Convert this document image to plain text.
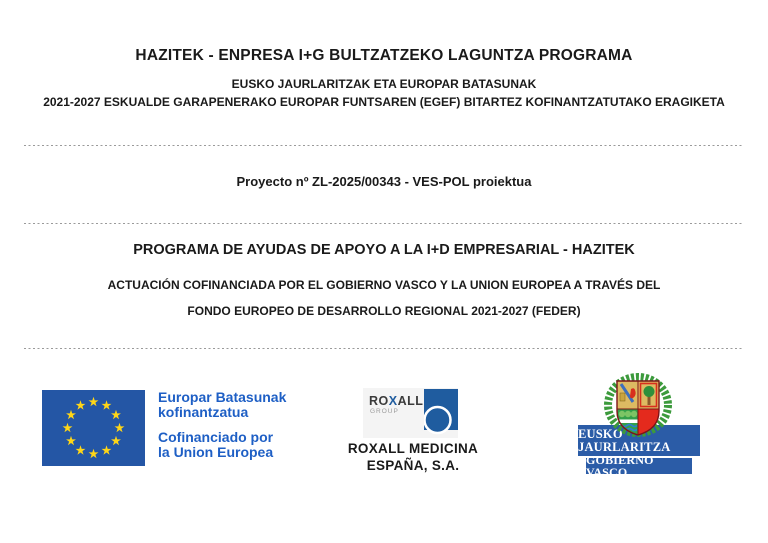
HAZITEK - ENPRESA I+G BULTZATZEKO LAGUNTZA PROGRAMA
EUSKO JAURLARITZAK ETA EUROPAR BATASUNAK
2021-2027 ESKUALDE GARAPENERAKO EUROPAR FUNTSAREN (EGEF) BITARTEZ KOFINANTZATUTAKO ERAGIKETA
Proyecto nº ZL-2025/00343 - VES-POL proiektua
PROGRAMA DE AYUDAS DE APOYO A LA I+D EMPRESARIAL - HAZITEK
ACTUACIÓN COFINANCIADA POR EL GOBIERNO VASCO Y LA UNION EUROPEA A TRAVÉS DEL
FONDO EUROPEO DE DESARROLLO REGIONAL 2021-2027 (FEDER)
Europar Batasunak
kofinantzatua
Cofinanciado por
la Union Europea
ROXALL
GROUP
ROXALL MEDICINA
ESPAÑA, S.A.
EUSKO JAURLARITZA
GOBIERNO VASCO
